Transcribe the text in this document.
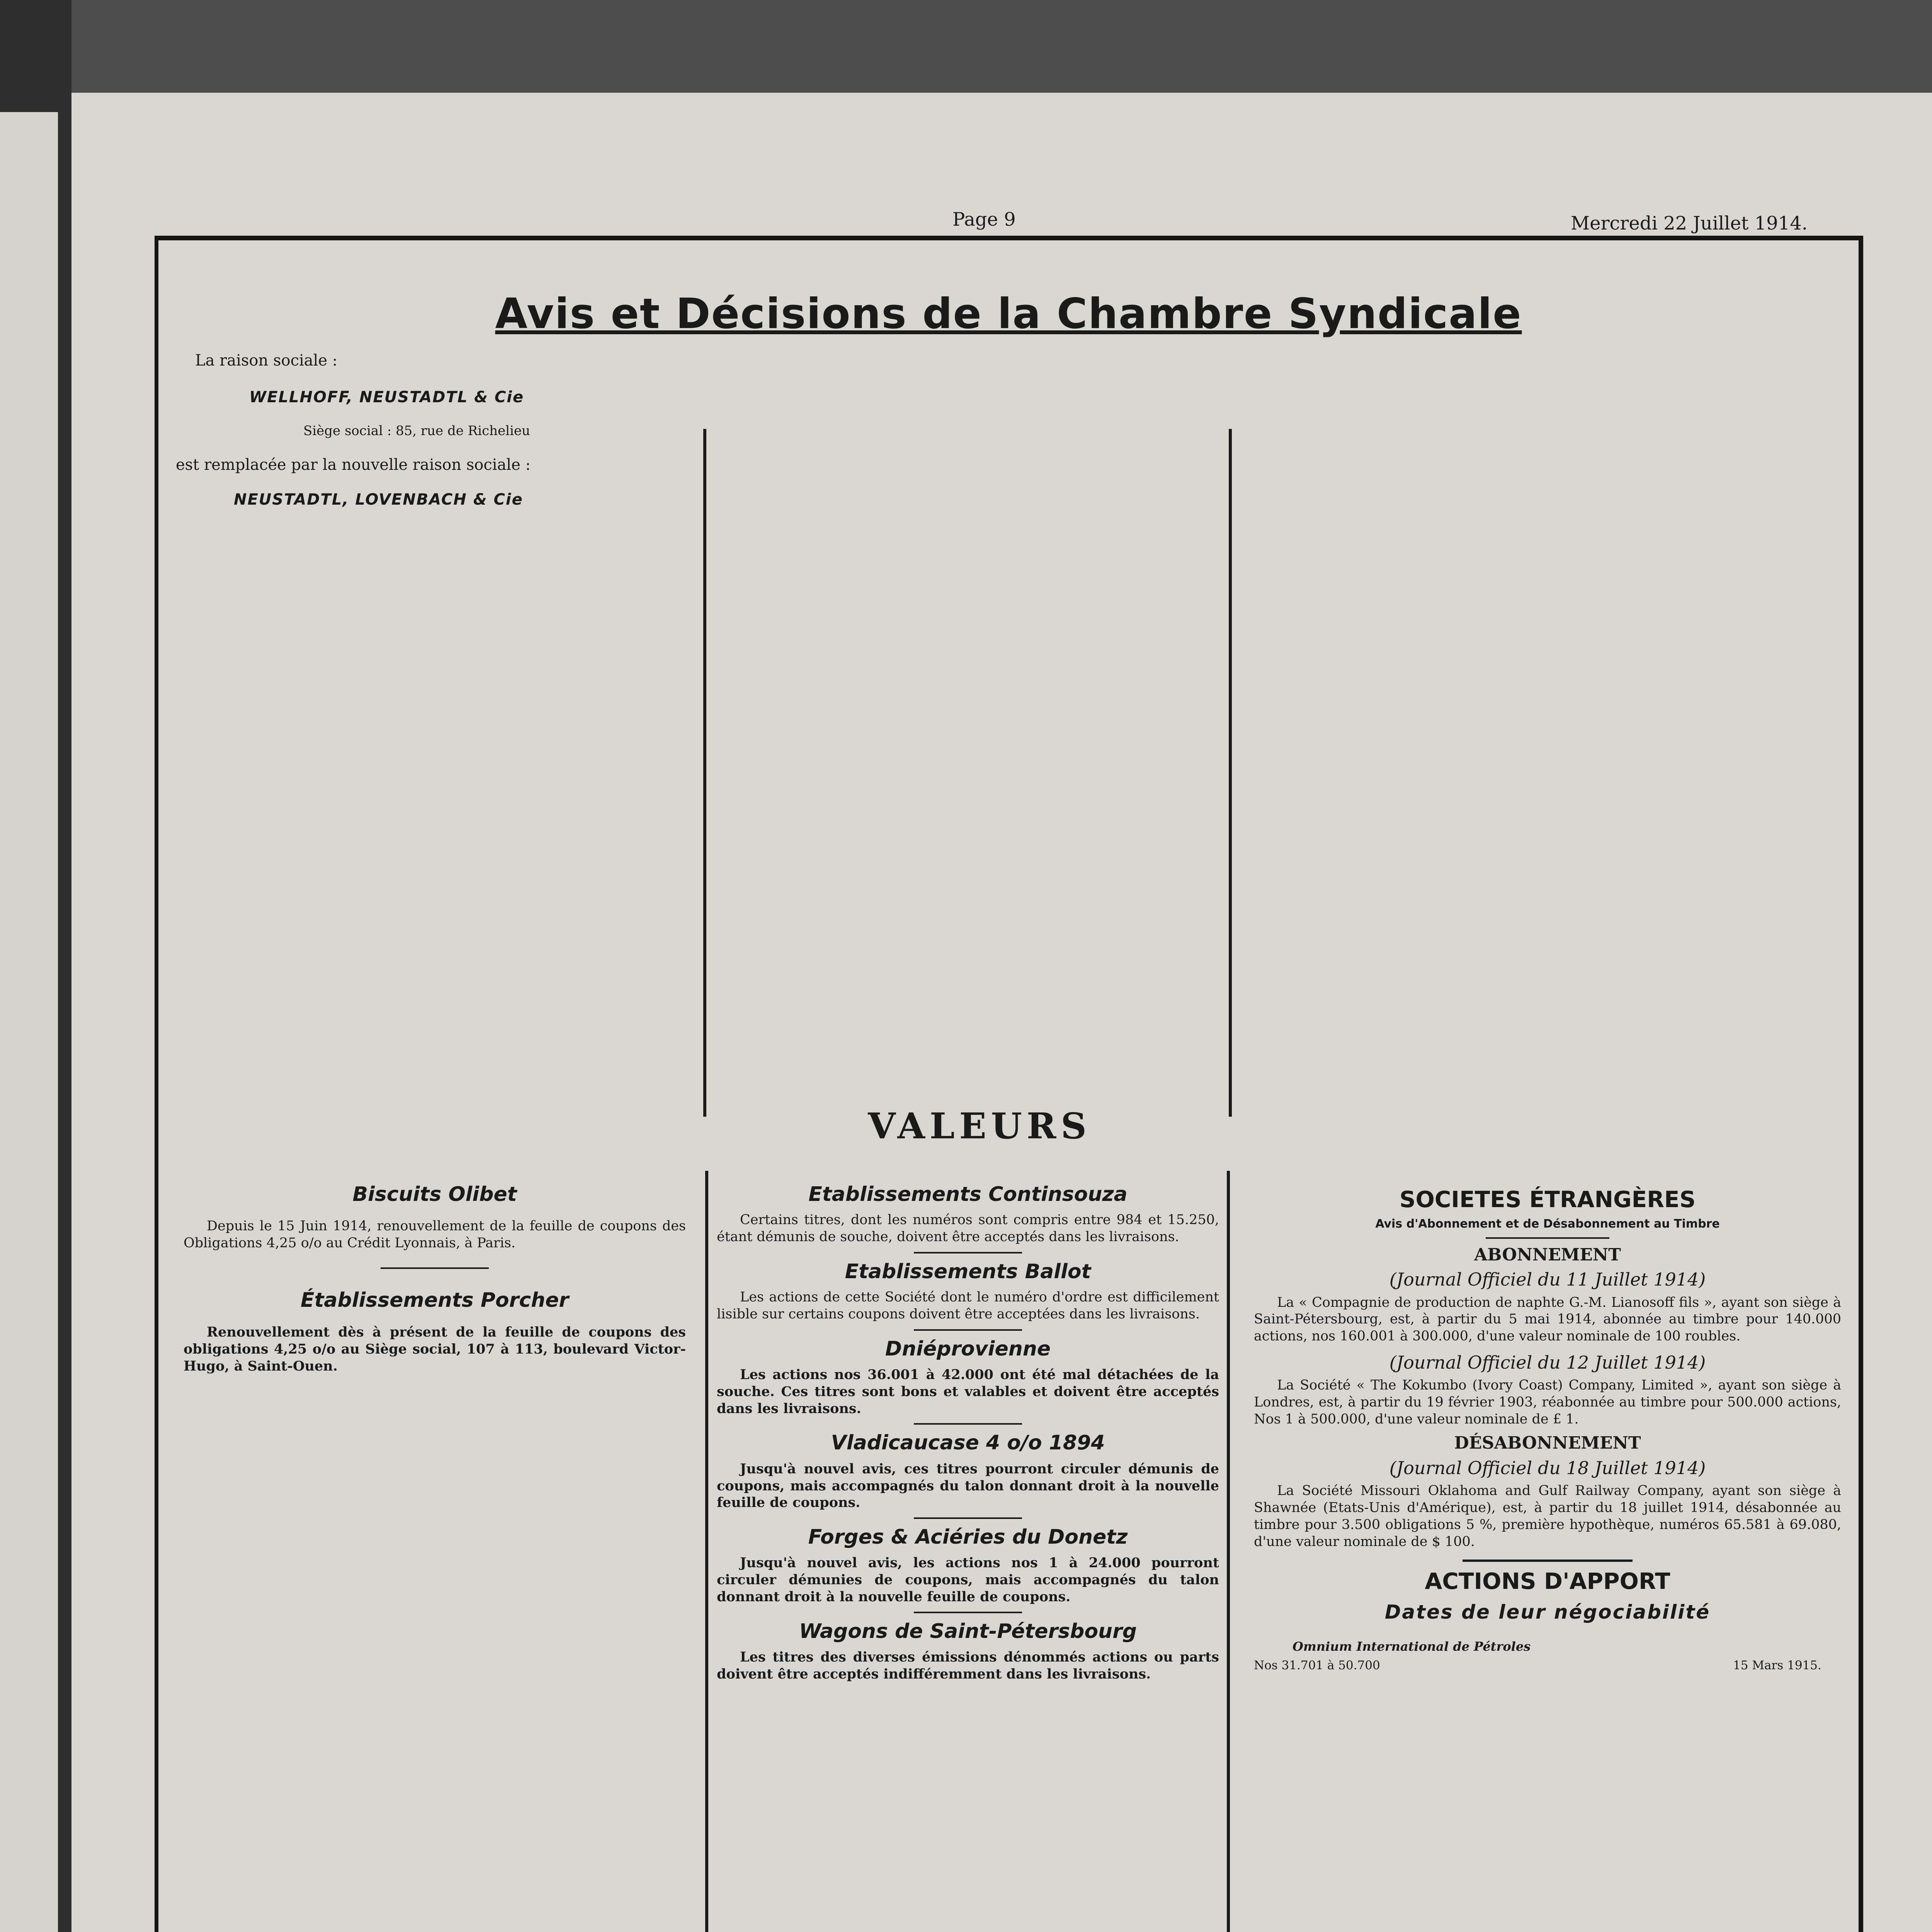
Page 9	Mercredi 22 Juillet 1914.
Avis et Décisions de la Chambre Syndicale
La raison sociale :
WELLHOFF, NEUSTADTL & Cie
Siège social : 85, rue de Richelieu
est remplacée par la nouvelle raison sociale :
NEUSTADTL, LOVENBACH & Cie
VALEURS
Biscuits Olibet
Depuis le 15 Juin 1914, renouvellement de la feuille de coupons des Obligations 4,25 o/o au Crédit Lyonnais, à Paris.
Établissements Porcher
Renouvellement dès à présent de la feuille de coupons des obligations 4,25 o/o au Siège social, 107 à 113, boulevard Victor-Hugo, à Saint-Ouen.
Etablissements Continsouza
Certains titres, dont les numéros sont compris entre 984 et 15.250, étant démunis de souche, doivent être acceptés dans les livraisons.
Etablissements Ballot
Les actions de cette Société dont le numéro d'ordre est difficilement lisible sur certains coupons doivent être acceptées dans les livraisons.
Dniéprovienne
Les actions nos 36.001 à 42.000 ont été mal détachées de la souche. Ces titres sont bons et valables et doivent être acceptés dans les livraisons.
Vladicaucase 4 o/o 1894
Jusqu'à nouvel avis, ces titres pourront circuler démunis de coupons, mais accompagnés du talon donnant droit à la nouvelle feuille de coupons.
Forges & Aciéries du Donetz
Jusqu'à nouvel avis, les actions nos 1 à 24.000 pourront circuler démunies de coupons, mais accompagnés du talon donnant droit à la nouvelle feuille de coupons.
Wagons de Saint-Pétersbourg
Les titres des diverses émissions dénommés actions ou parts doivent être acceptés indifféremment dans les livraisons.
SOCIETES ÉTRANGÈRES
Avis d'Abonnement et de Désabonnement au Timbre
ABONNEMENT
(Journal Officiel du 11 Juillet 1914)
La « Compagnie de production de naphte G.-M. Lianosoff fils », ayant son siège à Saint-Pétersbourg, est, à partir du 5 mai 1914, abonnée au timbre pour 140.000 actions, nos 160.001 à 300.000, d'une valeur nominale de 100 roubles.
(Journal Officiel du 12 Juillet 1914)
La Société « The Kokumbo (Ivory Coast) Company, Limited », ayant son siège à Londres, est, à partir du 19 février 1903, réabonnée au timbre pour 500.000 actions, Nos 1 à 500.000, d'une valeur nominale de £ 1.
DÉSABONNEMENT
(Journal Officiel du 18 Juillet 1914)
La Société Missouri Oklahoma and Gulf Railway Company, ayant son siège à Shawnée (Etats-Unis d'Amérique), est, à partir du 18 juillet 1914, désabonnée au timbre pour 3.500 obligations 5 %, première hypothèque, numéros 65.581 à 69.080, d'une valeur nominale de $ 100.
ACTIONS D'APPORT
Dates de leur négociabilité
Omnium International de Pétroles
Nos 31.701 à 50.700	15 Mars 1915.
